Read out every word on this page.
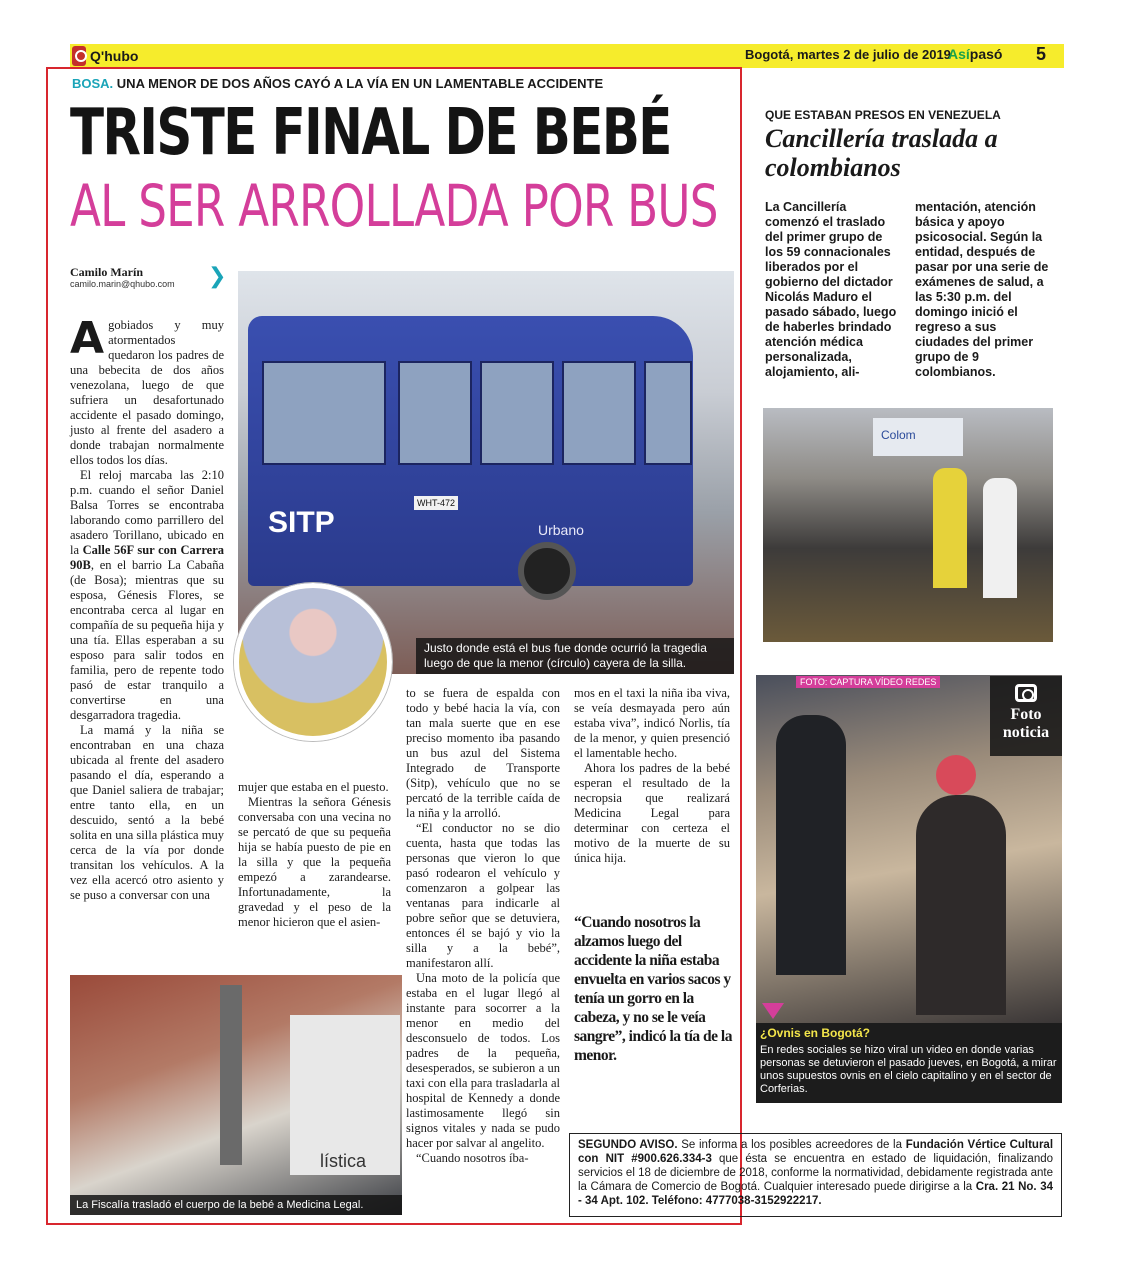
Q'hubo	Bogotá, martes 2 de julio de 2019
Asípasó 5
BOSA. UNA MENOR DE DOS AÑOS CAYÓ A LA VÍA EN UN LAMENTABLE ACCIDENTE
TRISTE FINAL DE BEBÉ
AL SER ARROLLADA POR BUS
Camilo Marín
camilo.marin@qhubo.com ❯

Agobiados y muy atormentados quedaron los padres de una bebecita de dos años venezolana, luego de que sufriera un desafortunado accidente el pasado domingo, justo al frente del asadero a donde trabajan normalmente ellos todos los días.

El reloj marcaba las 2:10 p.m. cuando el señor Daniel Balsa Torres se encontraba laborando como parrillero del asadero Torillano, ubicado en la Calle 56F sur con Carrera 90B, en el barrio La Cabaña (de Bosa); mientras que su esposa, Génesis Flores, se encontraba cerca al lugar en compañía de su pequeña hija y una tía. Ellas esperaban a su esposo para salir todos en familia, pero de repente todo pasó de estar tranquilo a convertirse en una desgarradora tragedia.

La mamá y la niña se encontraban en una chaza ubicada al frente del asadero pasando el día, esperando a que Daniel saliera de trabajar; entre tanto ella, en un descuido, sentó a la bebé solita en una silla plástica muy cerca de la vía por donde transitan los vehículos. A la vez ella acercó otro asiento y se puso a conversar con una

SITP	Urbano
WHT-472
Justo donde está el bus fue donde ocurrió la tragedia luego de que la menor (círculo) cayera de la silla.

mujer que estaba en el puesto.

Mientras la señora Génesis conversaba con una vecina no se percató de que su pequeña hija se había puesto de pie en la silla y que la pequeña empezó a zarandearse. Infortunadamente, la gravedad y el peso de la menor hicieron que el asien-

to se fuera de espalda con todo y bebé hacia la vía, con tan mala suerte que en ese preciso momento iba pasando un bus azul del Sistema Integrado de Transporte (Sitp), vehículo que no se percató de la terrible caída de la niña y la arrolló.

“El conductor no se dio cuenta, hasta que todas las personas que vieron lo que pasó rodearon el vehículo y comenzaron a golpear las ventanas para indicarle al pobre señor que se detuviera, entonces él se bajó y vio la silla y a la bebé”, manifestaron allí.

Una moto de la policía que estaba en el lugar llegó al instante para socorrer a la menor en medio del desconsuelo de todos. Los padres de la pequeña, desesperados, se subieron a un taxi con ella para trasladarla al hospital de Kennedy a donde lastimosamente llegó sin signos vitales y nada se pudo hacer por salvar al angelito.

“Cuando nosotros íba-

mos en el taxi la niña iba viva, se veía desmayada pero aún estaba viva”, indicó Norlis, tía de la menor, y quien presenció el lamentable hecho.

Ahora los padres de la bebé esperan el resultado de la necropsia que realizará Medicina Legal para determinar con certeza el motivo de la muerte de su única hija.

“Cuando nosotros la alzamos luego del accidente la niña estaba envuelta en varios sacos y tenía un gorro en la cabeza, y no se le veía sangre”, indicó la tía de la menor.
lística
La Fiscalía trasladó el cuerpo de la bebé a Medicina Legal.
QUE ESTABAN PRESOS EN VENEZUELA
Cancillería traslada a colombianos
La Cancillería comenzó el traslado del primer grupo de los 59 connacionales liberados por el gobierno del dictador Nicolás Maduro el pasado sábado, luego de haberles brindado atención médica personalizada, alojamiento, ali-
mentación, atención básica y apoyo psicosocial. Según la entidad, después de pasar por una serie de exámenes de salud, a las 5:30 p.m. del domingo inició el regreso a sus ciudades del primer grupo de 9 colombianos.
Colom
FOTO: CAPTURA VÍDEO REDES
Foto
noticia
¿Ovnis en Bogotá?
En redes sociales se hizo viral un video en donde varias personas se detuvieron el pasado jueves, en Bogotá, a mirar unos supuestos ovnis en el cielo capitalino y en el sector de Corferias.
SEGUNDO AVISO. Se informa a los posibles acreedores de la Fundación Vértice Cultural con NIT #900.626.334-3 que ésta se encuentra en estado de liquidación, finalizando servicios el 18 de diciembre de 2018, conforme la normatividad, debidamente registrada ante la Cámara de Comercio de Bogotá. Cualquier interesado puede dirigirse a la Cra. 21 No. 34 - 34 Apt. 102. Teléfono: 4777038-3152922217.
